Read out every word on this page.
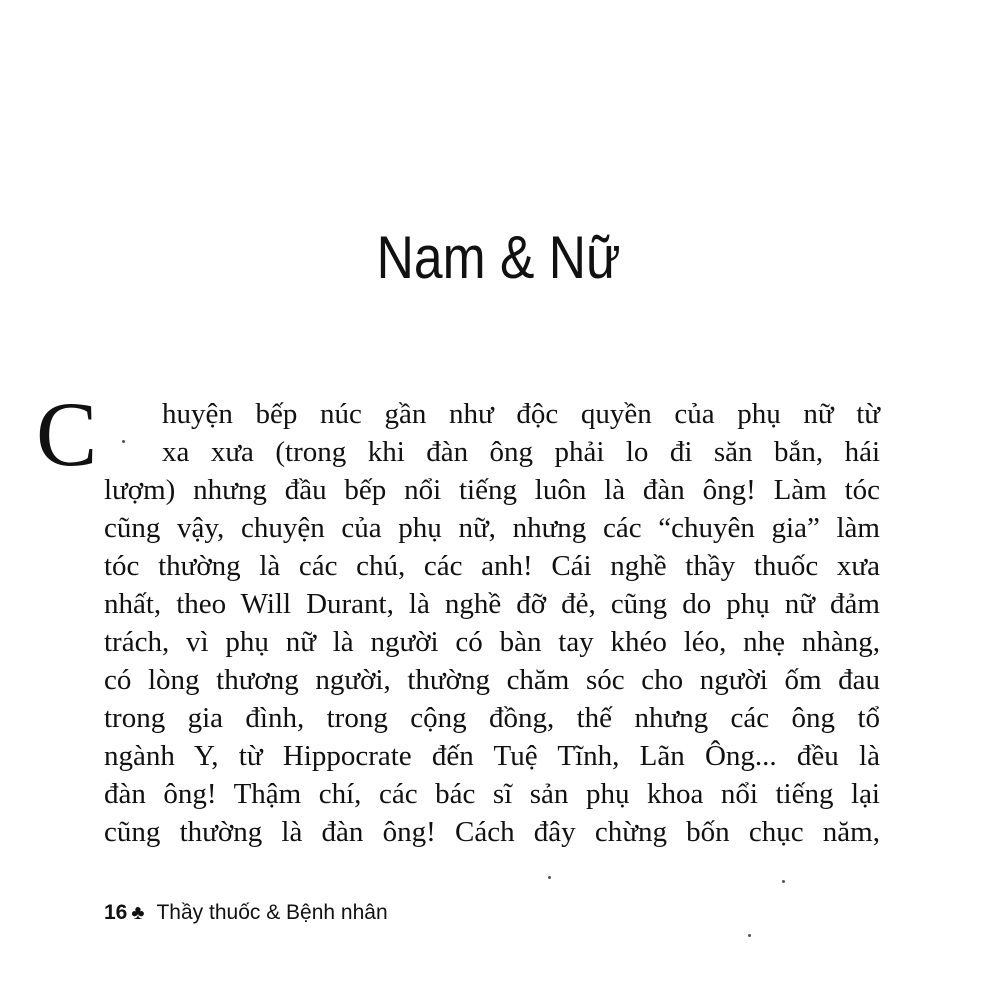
Nam & Nữ
C huyện bếp núc gần như độc quyền của phụ nữ từ
xa xưa (trong khi đàn ông phải lo đi săn bắn, hái
lượm) nhưng đầu bếp nổi tiếng luôn là đàn ông! Làm tóc
cũng vậy, chuyện của phụ nữ, nhưng các “chuyên gia” làm
tóc thường là các chú, các anh! Cái nghề thầy thuốc xưa
nhất, theo Will Durant, là nghề đỡ đẻ, cũng do phụ nữ đảm
trách, vì phụ nữ là người có bàn tay khéo léo, nhẹ nhàng,
có lòng thương người, thường chăm sóc cho người ốm đau
trong gia đình, trong cộng đồng, thế nhưng các ông tổ
ngành Y, từ Hippocrate đến Tuệ Tĩnh, Lãn Ông... đều là
đàn ông! Thậm chí, các bác sĩ sản phụ khoa nổi tiếng lại
cũng thường là đàn ông! Cách đây chừng bốn chục năm,
16 ♣ Thầy thuốc & Bệnh nhân
